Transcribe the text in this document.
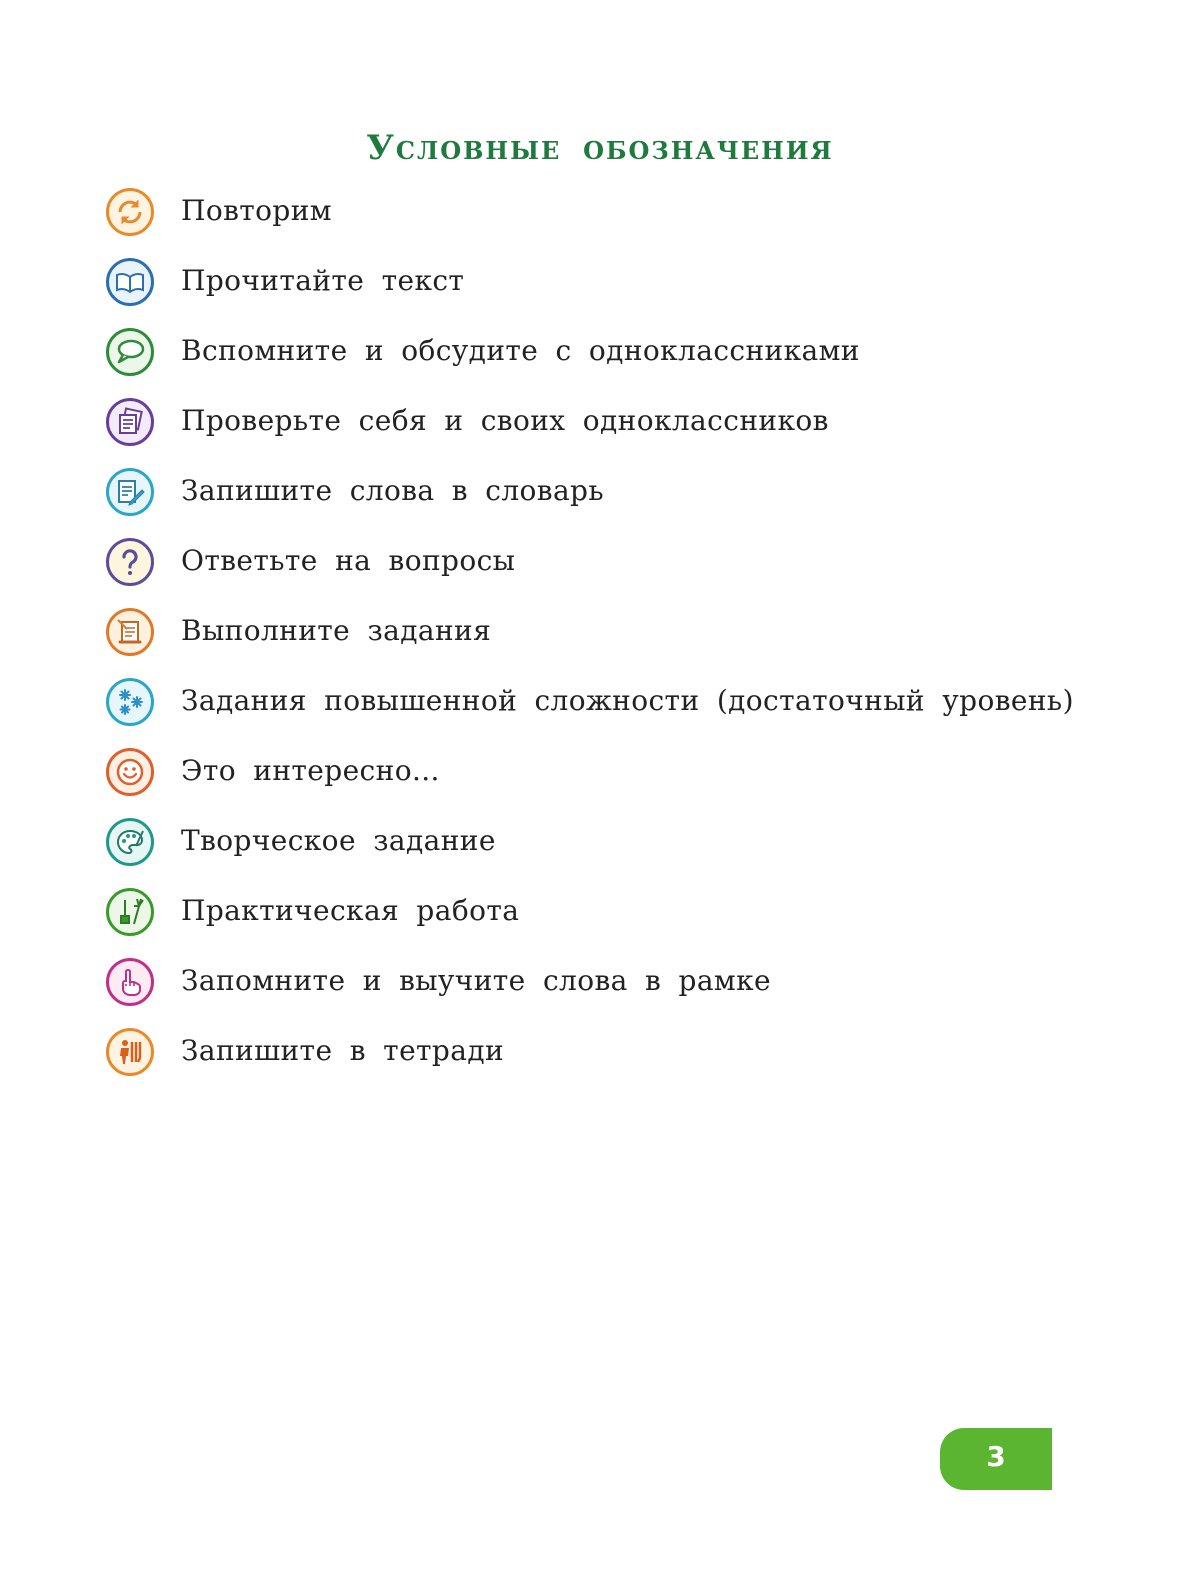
Условные обозначения
Повторим
Прочитайте текст
Вспомните и обсудите с одноклассниками
Проверьте себя и своих одноклассников
Запишите слова в словарь
Ответьте на вопросы
Выполните задания
Задания повышенной сложности (достаточный уровень)
Это интересно...
Творческое задание
Практическая работа
Запомните и выучите слова в рамке
Запишите в тетради
3
